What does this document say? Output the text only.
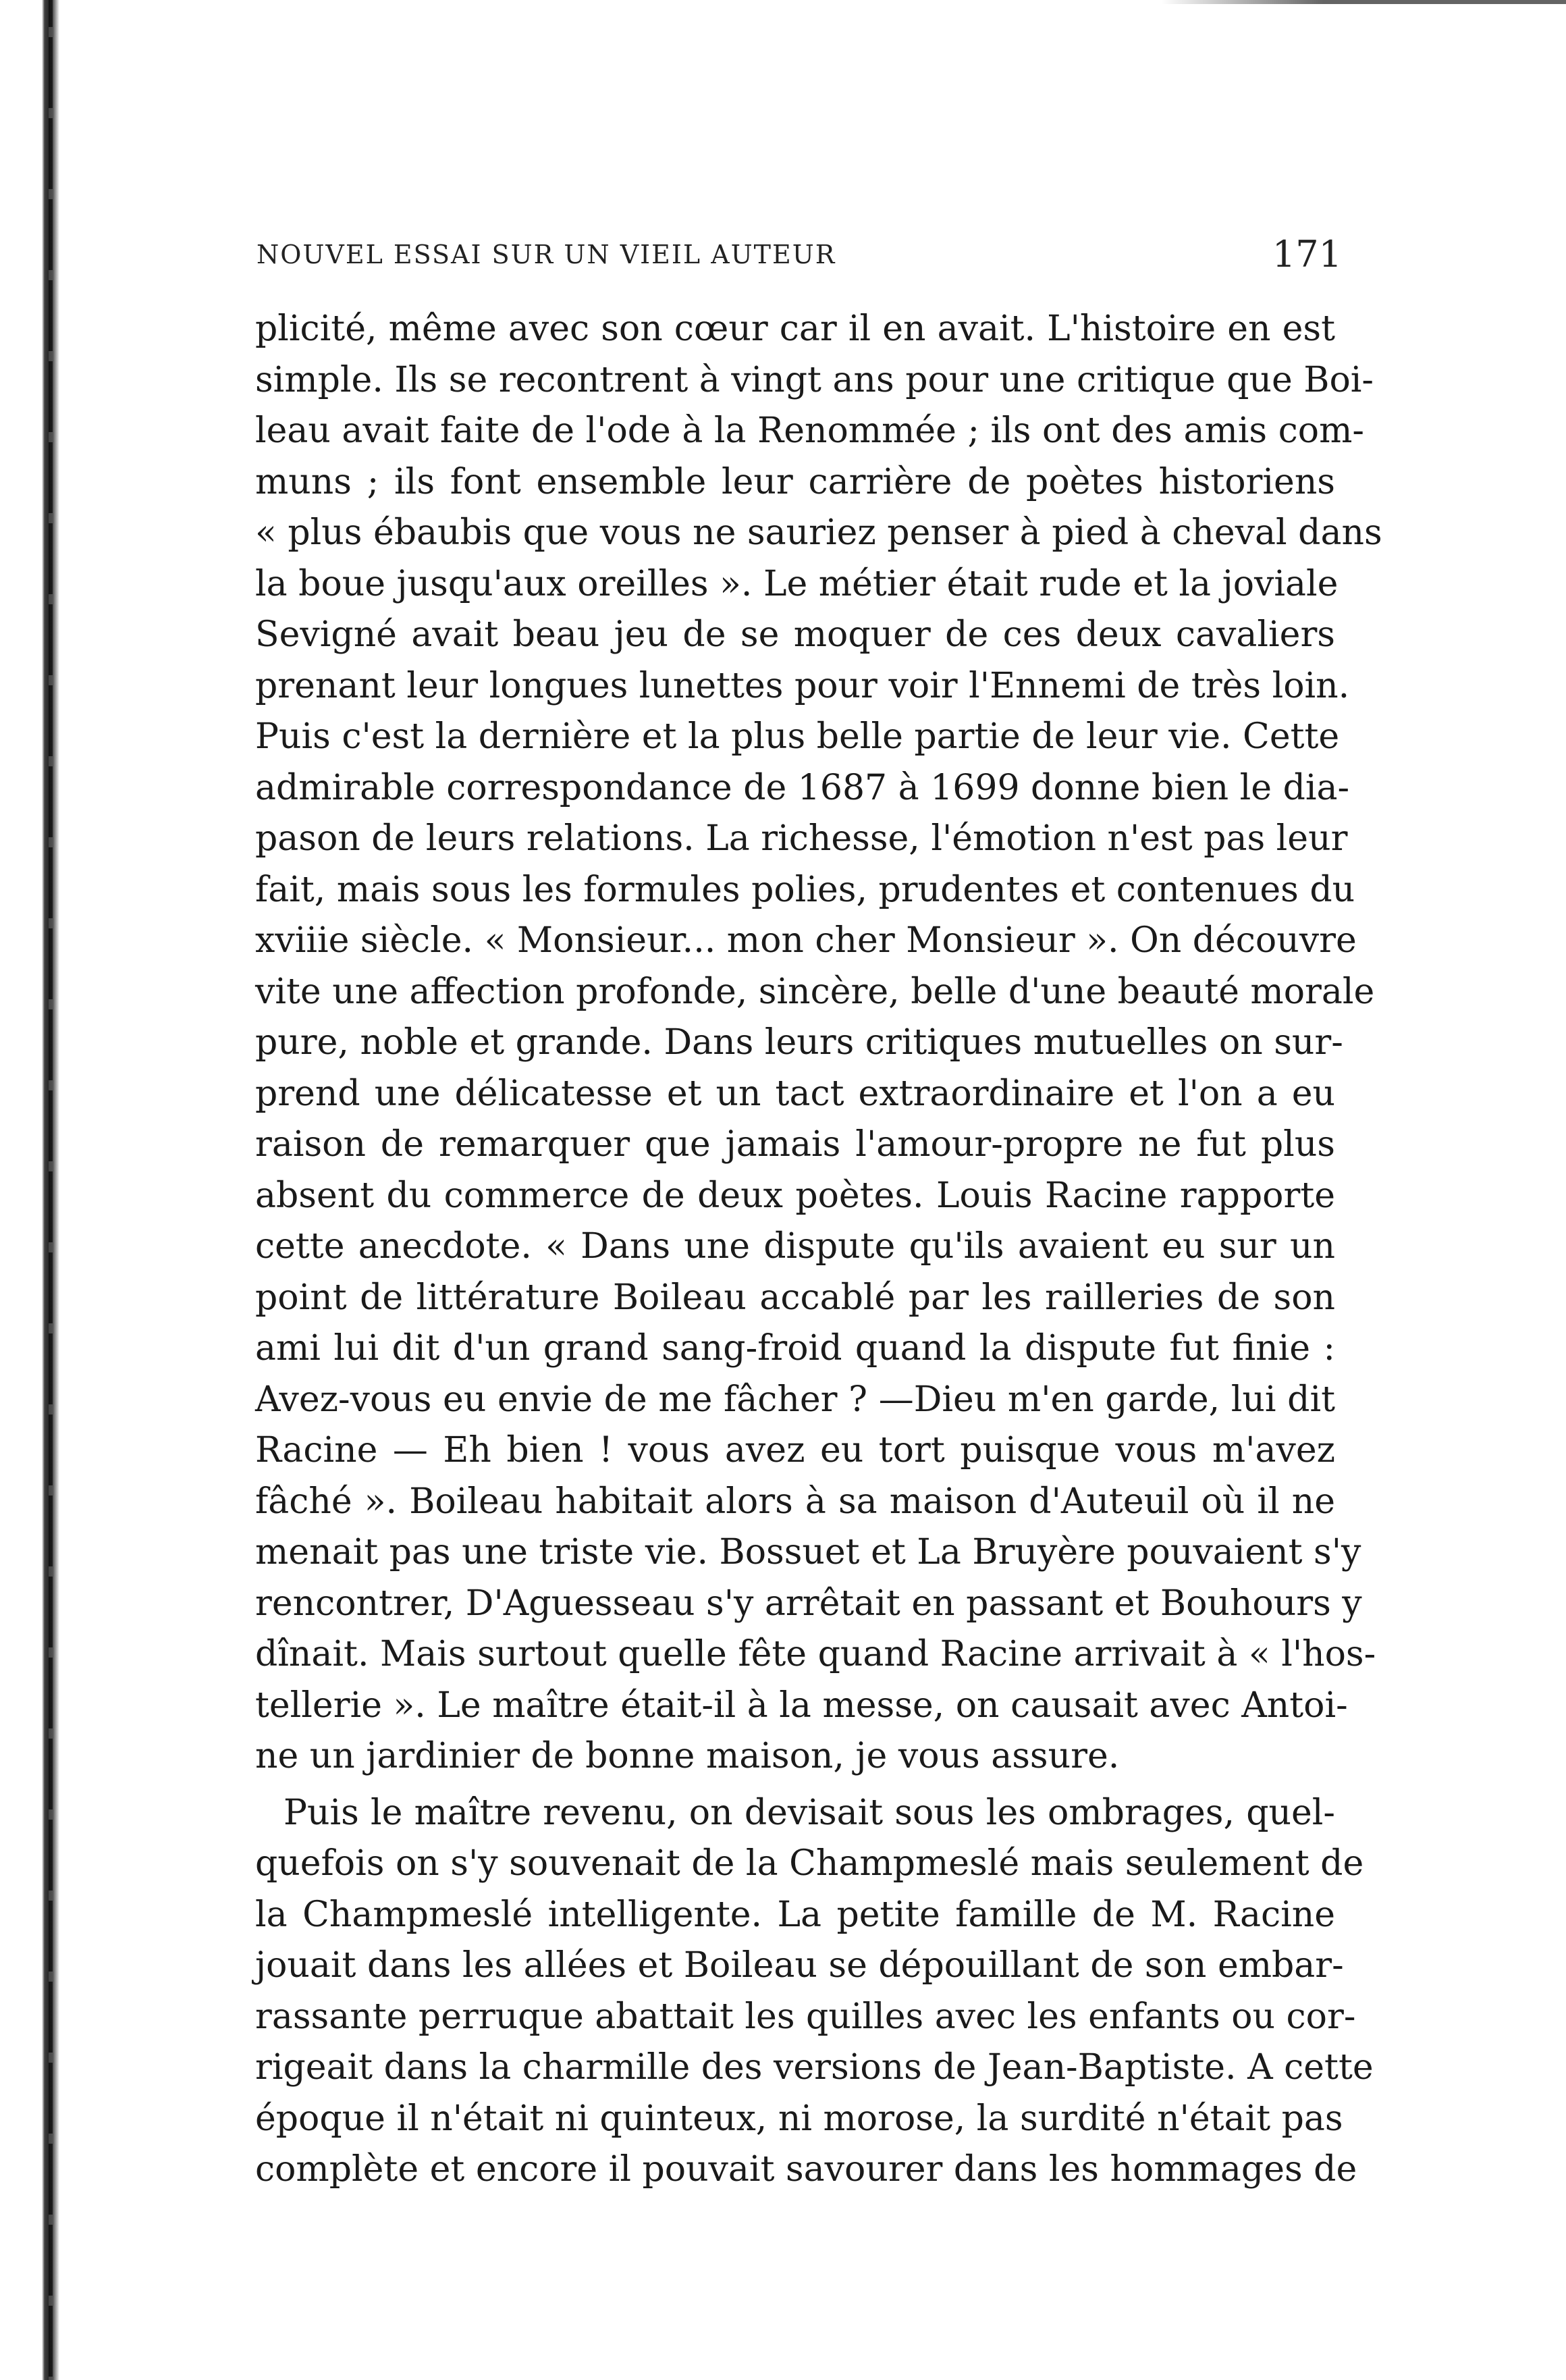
NOUVEL ESSAI SUR UN VIEIL AUTEUR	171
plicité, même avec son cœur car il en avait. L'histoire en est
simple. Ils se recontrent à vingt ans pour une critique que Boi-
leau avait faite de l'ode à la Renommée ; ils ont des amis com-
muns ; ils font ensemble leur carrière de poètes historiens
« plus ébaubis que vous ne sauriez penser à pied à cheval dans
la boue jusqu'aux oreilles ». Le métier était rude et la joviale
Sevigné avait beau jeu de se moquer de ces deux cavaliers
prenant leur longues lunettes pour voir l'Ennemi de très loin.
Puis c'est la dernière et la plus belle partie de leur vie. Cette
admirable correspondance de 1687 à 1699 donne bien le dia-
pason de leurs relations. La richesse, l'émotion n'est pas leur
fait, mais sous les formules polies, prudentes et contenues du
xviiie siècle. « Monsieur... mon cher Monsieur ». On découvre
vite une affection profonde, sincère, belle d'une beauté morale
pure, noble et grande. Dans leurs critiques mutuelles on sur-
prend une délicatesse et un tact extraordinaire et l'on a eu
raison de remarquer que jamais l'amour-propre ne fut plus
absent du commerce de deux poètes. Louis Racine rapporte
cette anecdote. « Dans une dispute qu'ils avaient eu sur un
point de littérature Boileau accablé par les railleries de son
ami lui dit d'un grand sang-froid quand la dispute fut finie :
Avez-vous eu envie de me fâcher ? —Dieu m'en garde, lui dit
Racine — Eh bien ! vous avez eu tort puisque vous m'avez
fâché ». Boileau habitait alors à sa maison d'Auteuil où il ne
menait pas une triste vie. Bossuet et La Bruyère pouvaient s'y
rencontrer, D'Aguesseau s'y arrêtait en passant et Bouhours y
dînait. Mais surtout quelle fête quand Racine arrivait à « l'hos-
tellerie ». Le maître était-il à la messe, on causait avec Antoi-
ne un jardinier de bonne maison, je vous assure.
Puis le maître revenu, on devisait sous les ombrages, quel-
quefois on s'y souvenait de la Champmeslé mais seulement de
la Champmeslé intelligente. La petite famille de M. Racine
jouait dans les allées et Boileau se dépouillant de son embar-
rassante perruque abattait les quilles avec les enfants ou cor-
rigeait dans la charmille des versions de Jean-Baptiste. A cette
époque il n'était ni quinteux, ni morose, la surdité n'était pas
complète et encore il pouvait savourer dans les hommages de
